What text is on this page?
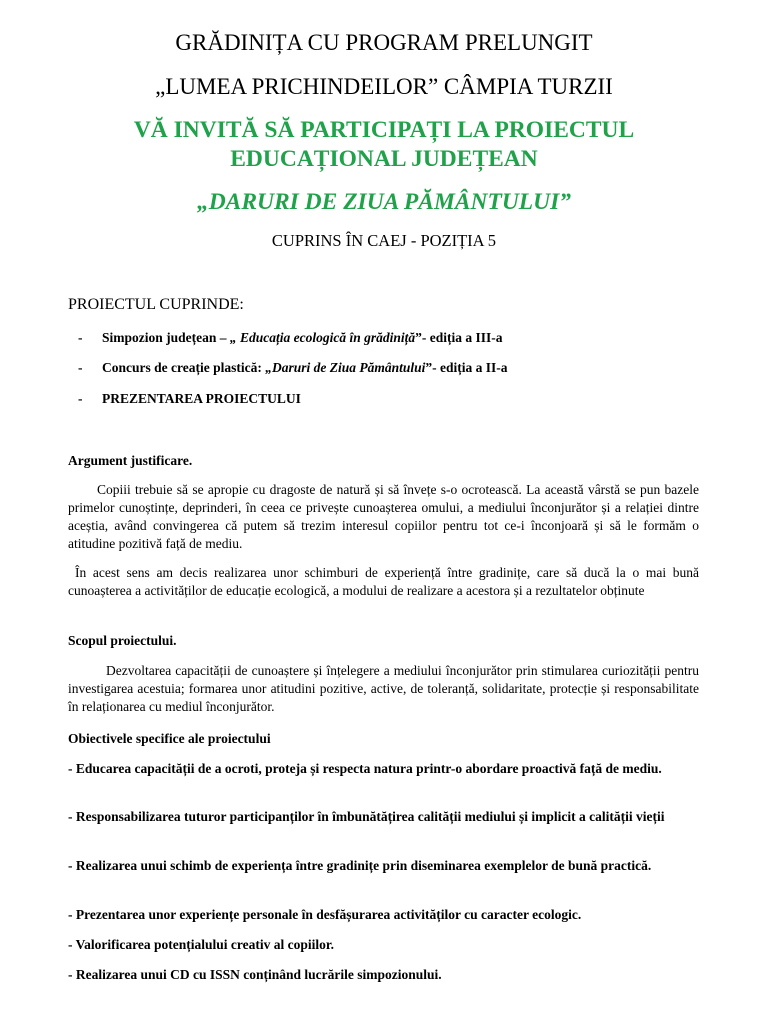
GRĂDINIȚA CU PROGRAM PRELUNGIT
„LUMEA PRICHINDEILOR” CÂMPIA TURZII
VĂ INVITĂ SĂ PARTICIPAȚI LA PROIECTUL
EDUCAȚIONAL JUDEȚEAN
„DARURI DE ZIUA PĂMÂNTULUI”
CUPRINS ÎN CAEJ - POZIȚIA 5
PROIECTUL CUPRINDE:
- Simpozion județean – „ Educația ecologică în grădiniță”- ediția a III-a
- Concurs de creație plastică: „Daruri de Ziua Pământului”- ediția a II-a
- PREZENTAREA PROIECTULUI
Argument justificare.
Copiii trebuie să se apropie cu dragoste de natură și să învețe s-o ocrotească. La această vârstă se pun bazele primelor cunoștințe, deprinderi, în ceea ce privește cunoașterea omului, a mediului înconjurător și a relației dintre aceștia, având convingerea că putem să trezim interesul copiilor pentru tot ce-i înconjoară și să le formăm o atitudine pozitivă față de mediu.
În acest sens am decis realizarea unor schimburi de experiență între gradinițe, care să ducă la o mai bună cunoașterea a activităților de educație ecologică, a modului de realizare a acestora și a rezultatelor obținute
Scopul proiectului.
Dezvoltarea capacității de cunoaștere și înțelegere a mediului înconjurător prin stimularea curiozității pentru investigarea acestuia; formarea unor atitudini pozitive, active, de toleranță, solidaritate, protecție și responsabilitate în relaționarea cu mediul înconjurător.
Obiectivele specifice ale proiectului
- Educarea capacității de a ocroti, proteja și respecta natura printr-o abordare proactivă față de mediu.
- Responsabilizarea tuturor participanților în îmbunătățirea calității mediului și implicit a calității vieții
- Realizarea unui schimb de experiența între gradinițe prin diseminarea exemplelor de bună practică.
- Prezentarea unor experiențe personale în desfășurarea activităților cu caracter ecologic.
- Valorificarea potențialului creativ al copiilor.
- Realizarea unui CD cu ISSN conținând lucrările simpozionului.
